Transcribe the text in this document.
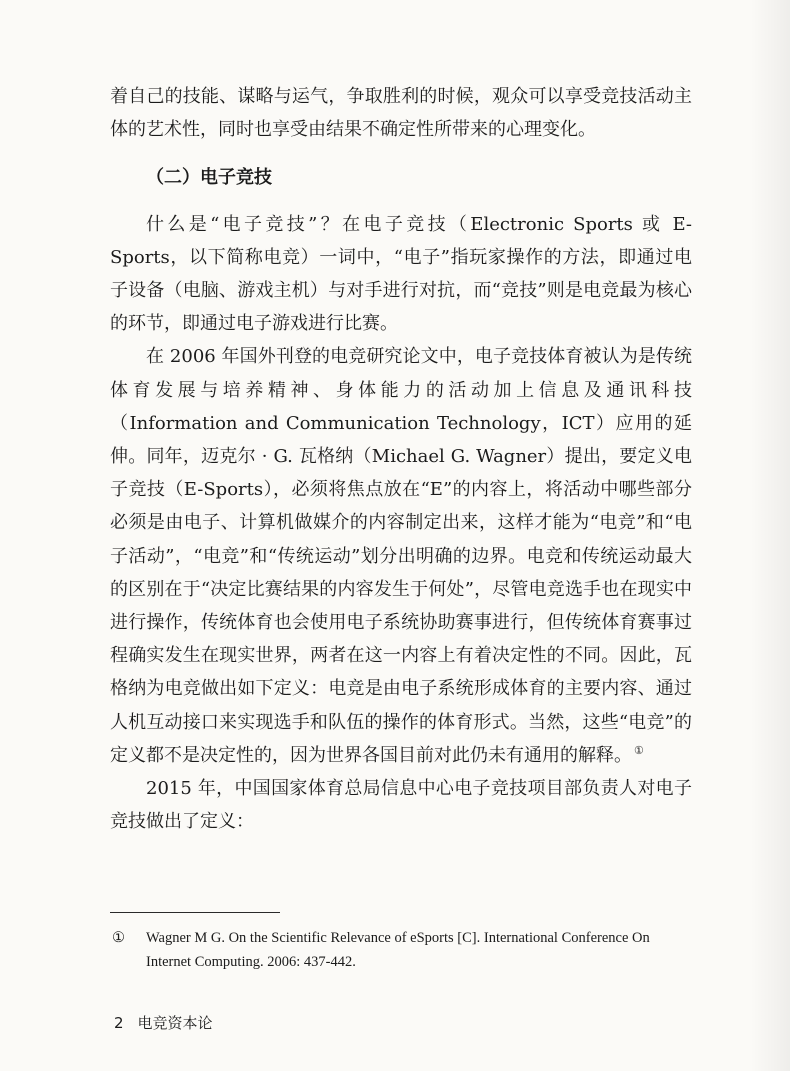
着自己的技能、谋略与运气，争取胜利的时候，观众可以享受竞技活动主体的艺术性，同时也享受由结果不确定性所带来的心理变化。

（二）电子竞技

什么是“电子竞技”？在电子竞技（Electronic Sports 或 E-Sports，以下简称电竞）一词中，“电子”指玩家操作的方法，即通过电子设备（电脑、游戏主机）与对手进行对抗，而“竞技”则是电竞最为核心的环节，即通过电子游戏进行比赛。

在 2006 年国外刊登的电竞研究论文中，电子竞技体育被认为是传统体育发展与培养精神、身体能力的活动加上信息及通讯科技（Information and Communication Technology，ICT）应用的延伸。同年，迈克尔 · G. 瓦格纳（Michael G. Wagner）提出，要定义电子竞技（E-Sports），必须将焦点放在“E”的内容上，将活动中哪些部分必须是由电子、计算机做媒介的内容制定出来，这样才能为“电竞”和“电子活动”，“电竞”和“传统运动”划分出明确的边界。电竞和传统运动最大的区别在于“决定比赛结果的内容发生于何处”，尽管电竞选手也在现实中进行操作，传统体育也会使用电子系统协助赛事进行，但传统体育赛事过程确实发生在现实世界，两者在这一内容上有着决定性的不同。因此，瓦格纳为电竞做出如下定义：电竞是由电子系统形成体育的主要内容、通过人机互动接口来实现选手和队伍的操作的体育形式。当然，这些“电竞”的定义都不是决定性的，因为世界各国目前对此仍未有通用的解释。 ①

2015 年，中国国家体育总局信息中心电子竞技项目部负责人对电子竞技做出了定义：

① Wagner M G. On the Scientific Relevance of eSports [C]. International Conference On Internet Computing. 2006: 437-442.
2 电竞资本论
